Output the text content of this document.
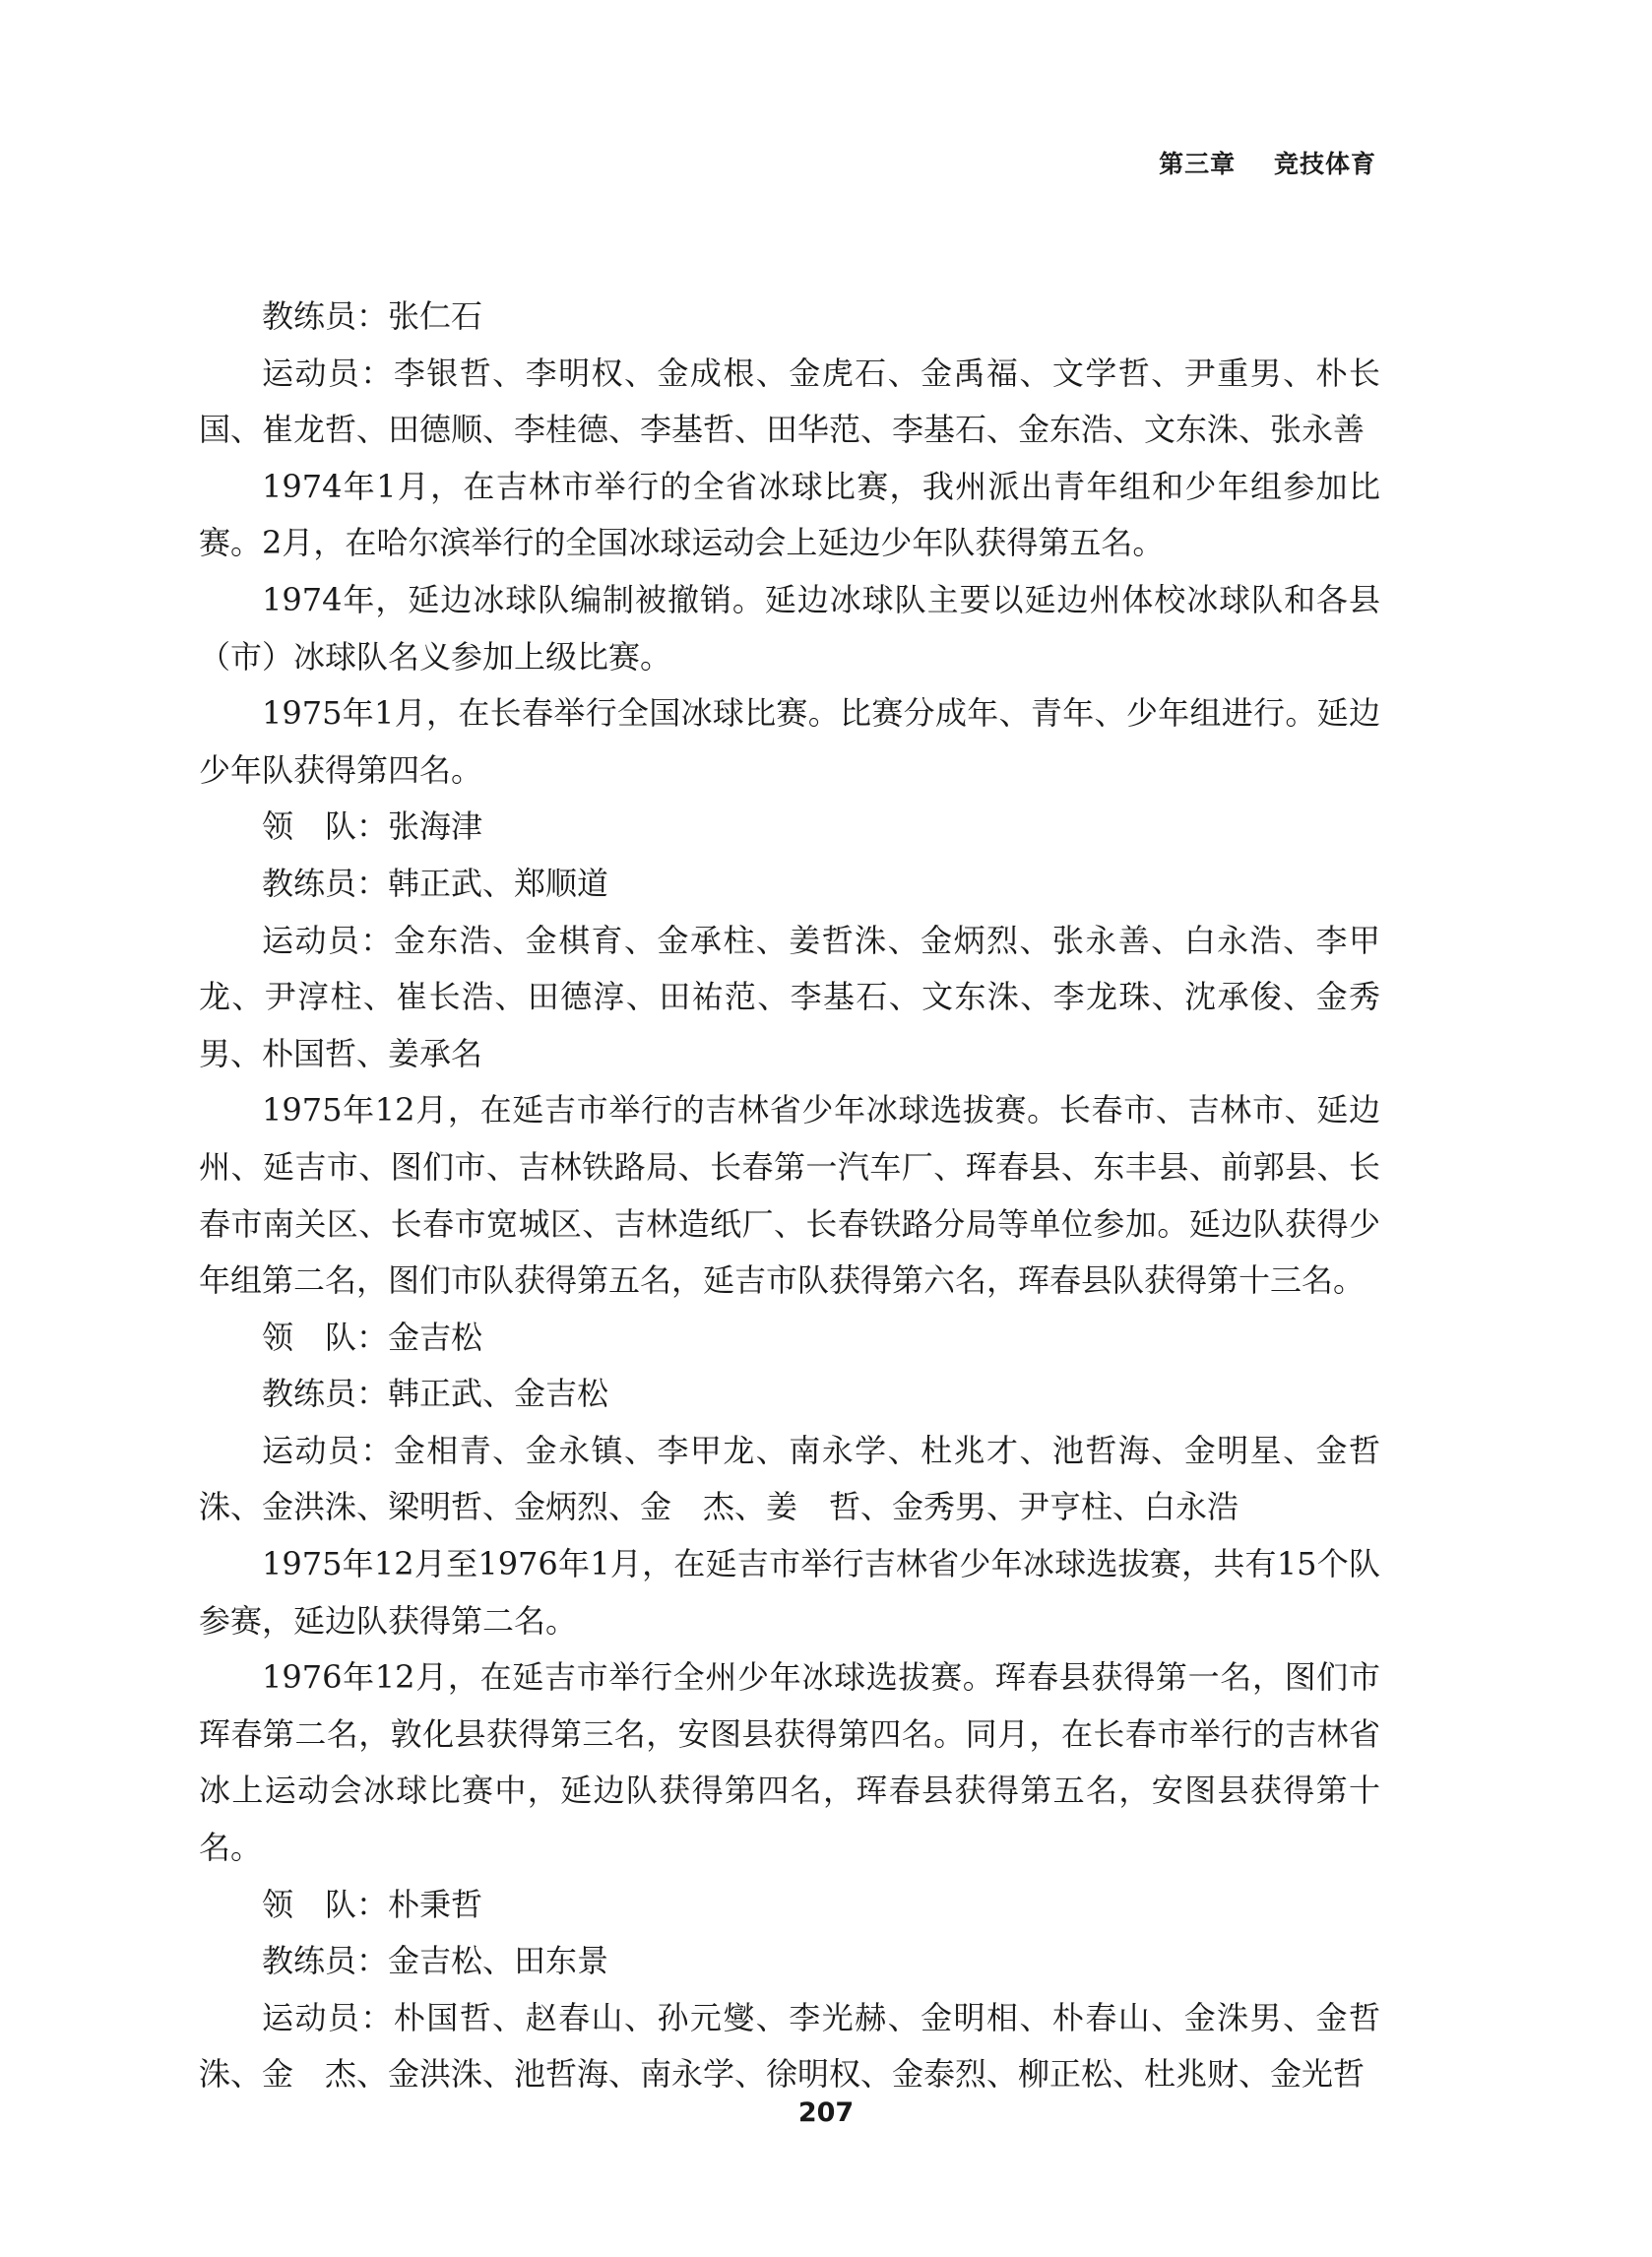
第三章    竞技体育

教练员：张仁石

运动员：李银哲、李明权、金成根、金虎石、金禹福、文学哲、尹重男、朴长国、崔龙哲、田德顺、李桂德、李基哲、田华范、李基石、金东浩、文东洙、张永善

1974年1月，在吉林市举行的全省冰球比赛，我州派出青年组和少年组参加比赛。2月，在哈尔滨举行的全国冰球运动会上延边少年队获得第五名。

1974年，延边冰球队编制被撤销。延边冰球队主要以延边州体校冰球队和各县（市）冰球队名义参加上级比赛。

1975年1月，在长春举行全国冰球比赛。比赛分成年、青年、少年组进行。延边少年队获得第四名。

领　队：张海津

教练员：韩正武、郑顺道

运动员：金东浩、金棋育、金承柱、姜哲洙、金炳烈、张永善、白永浩、李甲龙、尹淳柱、崔长浩、田德淳、田祐范、李基石、文东洙、李龙珠、沈承俊、金秀男、朴国哲、姜承名

1975年12月，在延吉市举行的吉林省少年冰球选拔赛。长春市、吉林市、延边州、延吉市、图们市、吉林铁路局、长春第一汽车厂、珲春县、东丰县、前郭县、长春市南关区、长春市宽城区、吉林造纸厂、长春铁路分局等单位参加。延边队获得少年组第二名，图们市队获得第五名，延吉市队获得第六名，珲春县队获得第十三名。

领　队：金吉松

教练员：韩正武、金吉松

运动员：金相青、金永镇、李甲龙、南永学、杜兆才、池哲海、金明星、金哲洙、金洪洙、梁明哲、金炳烈、金　杰、姜　哲、金秀男、尹亨柱、白永浩

1975年12月至1976年1月，在延吉市举行吉林省少年冰球选拔赛，共有15个队参赛，延边队获得第二名。

1976年12月，在延吉市举行全州少年冰球选拔赛。珲春县获得第一名，图们市珲春第二名，敦化县获得第三名，安图县获得第四名。同月，在长春市举行的吉林省冰上运动会冰球比赛中，延边队获得第四名，珲春县获得第五名，安图县获得第十名。

领　队：朴秉哲

教练员：金吉松、田东景

运动员：朴国哲、赵春山、孙元燮、李光赫、金明相、朴春山、金洙男、金哲洙、金　杰、金洪洙、池哲海、南永学、徐明权、金泰烈、柳正松、杜兆财、金光哲

207
